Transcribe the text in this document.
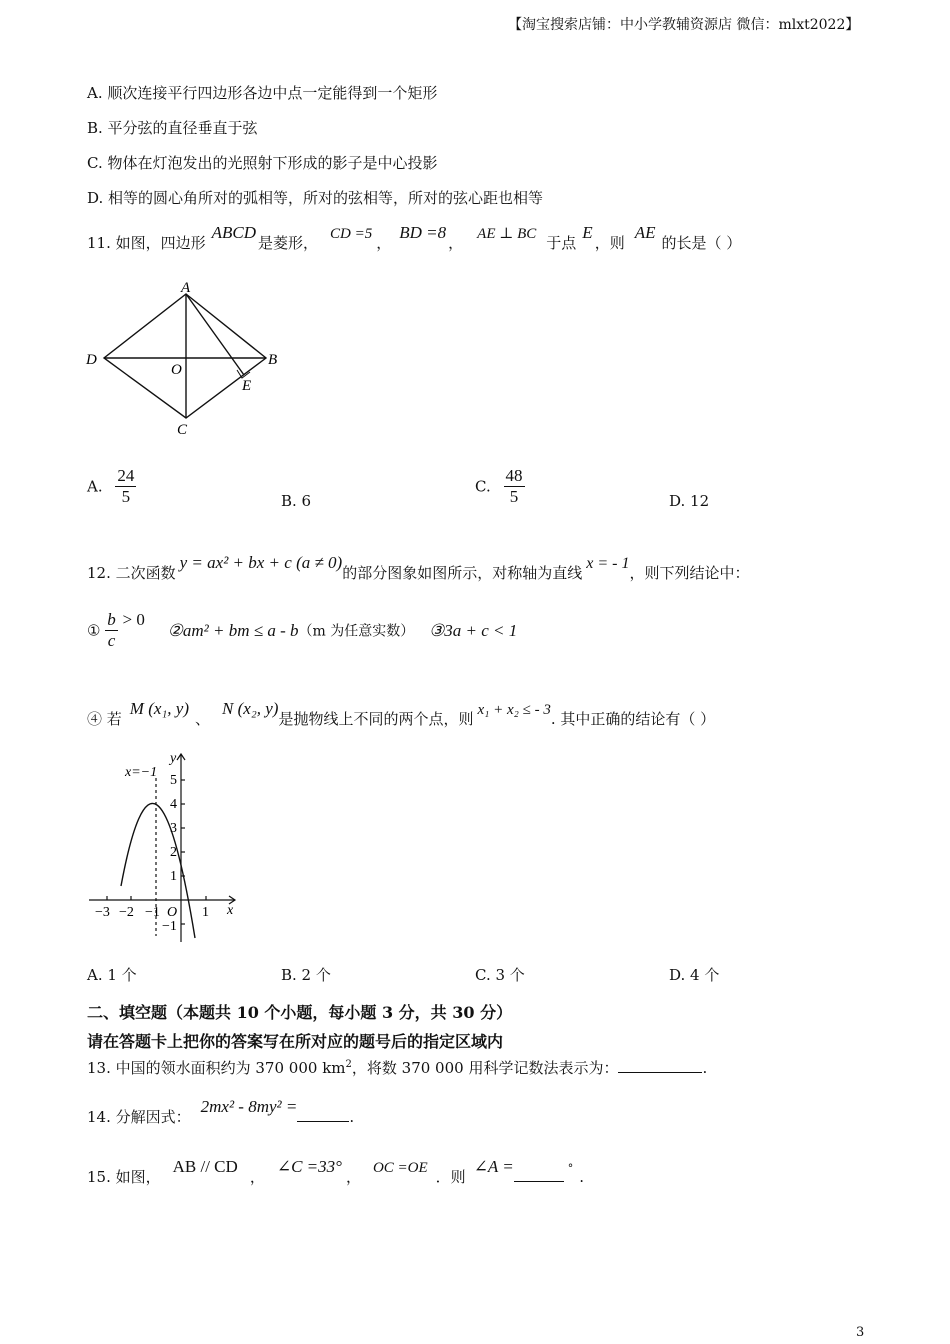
【淘宝搜索店铺：中小学教辅资源店 微信：mlxt2022】
A. 顺次连接平行四边形各边中点一定能得到一个矩形
B. 平分弦的直径垂直于弦
C. 物体在灯泡发出的光照射下形成的影子是中心投影
D. 相等的圆心角所对的弧相等，所对的弦相等，所对的弦心距也相等
11. 如图，四边形ABCD是菱形， CD =5 ，BD =8， AE ⊥ BC 于点E，则AE的长是（ ）
A
B
C
D
O
E
A. $\frac{24}{5}$	B. 6
C. $\frac{48}{5}$	D. 12
12. 二次函数y = ax² + bx + c (a ≠ 0)的部分图象如图所示，对称轴为直线x = - 1，则下列结论中：
① $\frac{b}{c} > 0$ ②am² + bm ≤ a - b（m 为任意实数） ③3a + c < 1
④ 若M (x₁, y)、N (x₂, y)是抛物线上不同的两个点，则 x₁ + x₂ ≤ - 3. 其中正确的结论有（ ）
x=−1
y
x
O
5
4
3
2
1
−1
−3 −2 −1	1
A. 1 个	B. 2 个	C. 3 个	D. 4 个
二、填空题（本题共 10 个小题，每小题 3 分，共 30 分）
请在答题卡上把你的答案写在所对应的题号后的指定区域内
13. 中国的领水面积约为 370 000 $km^2$，将数 370 000 用科学记数法表示为：	.
14. 分解因式：2mx² - 8my² =.
15. 如图，AB // CD，∠C =33°， OC =OE ．则∠A =	° .
3
